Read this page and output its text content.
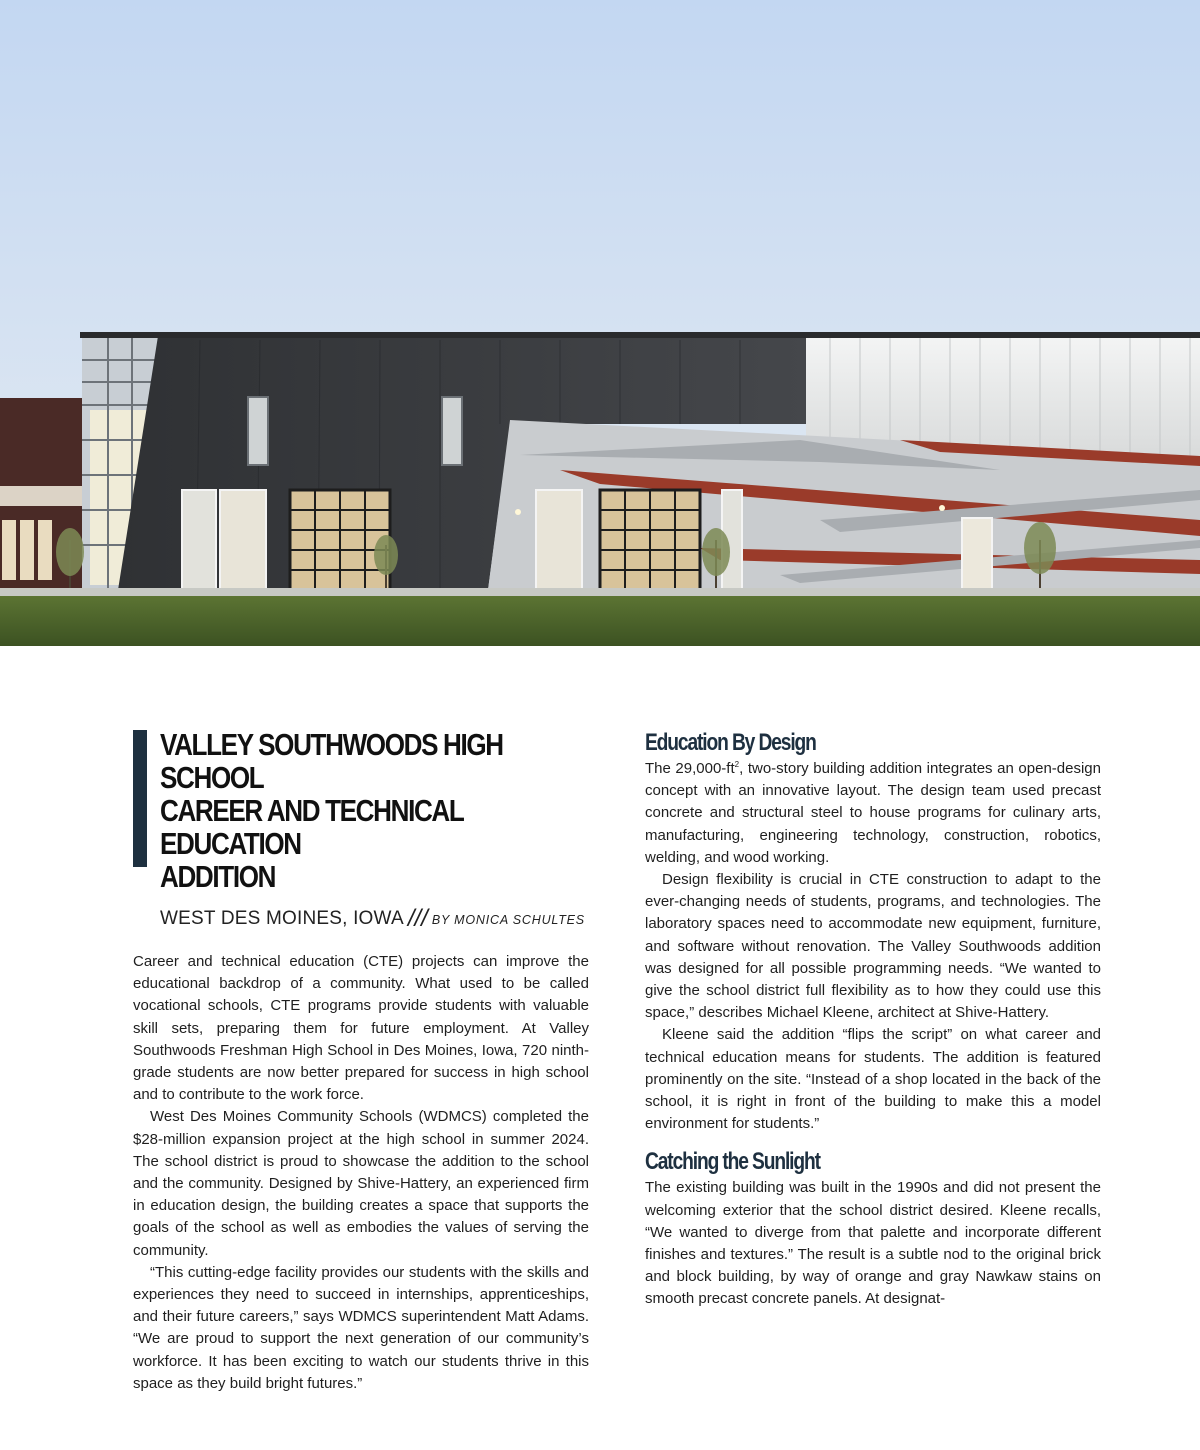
VALLEY SOUTHWOODS HIGH SCHOOL
CAREER AND TECHNICAL EDUCATION
ADDITION
WEST DES MOINES, IOWA /// BY MONICA SCHULTES

Career and technical education (CTE) projects can improve the educational backdrop of a community. What used to be called vocational schools, CTE programs provide students with valuable skill sets, preparing them for future employment. At Valley Southwoods Freshman High School in Des Moines, Iowa, 720 ninth-grade students are now better prepared for success in high school and to contribute to the work force.

West Des Moines Community Schools (WDMCS) completed the $28-million expansion project at the high school in summer 2024. The school district is proud to showcase the addition to the school and the community. Designed by Shive-Hattery, an experienced firm in education design, the building creates a space that supports the goals of the school as well as embodies the values of serving the community.

“This cutting-edge facility provides our students with the skills and experiences they need to succeed in internships, apprenticeships, and their future careers,” says WDMCS superintendent Matt Adams. “We are proud to support the next generation of our community’s workforce. It has been exciting to watch our students thrive in this space as they build bright futures.”

Education By Design

The $29,000-ft^2$, two-story building addition integrates an open-design concept with an innovative layout. The design team used precast concrete and structural steel to house programs for culinary arts, manufacturing, engineering technology, construction, robotics, welding, and wood working.

Design flexibility is crucial in CTE construction to adapt to the ever-changing needs of students, programs, and technologies. The laboratory spaces need to accommodate new equipment, furniture, and software without renovation. The Valley Southwoods addition was designed for all possible programming needs. “We wanted to give the school district full flexibility as to how they could use this space,” describes Michael Kleene, architect at Shive-Hattery.

Kleene said the addition “flips the script” on what career and technical education means for students. The addition is featured prominently on the site. “Instead of a shop located in the back of the school, it is right in front of the building to make this a model environment for students.”

Catching the Sunlight

The existing building was built in the 1990s and did not present the welcoming exterior that the school district desired. Kleene recalls, “We wanted to diverge from that palette and incorporate different finishes and textures.” The result is a subtle nod to the original brick and block building, by way of orange and gray Nawkaw stains on smooth precast concrete panels. At designat-
